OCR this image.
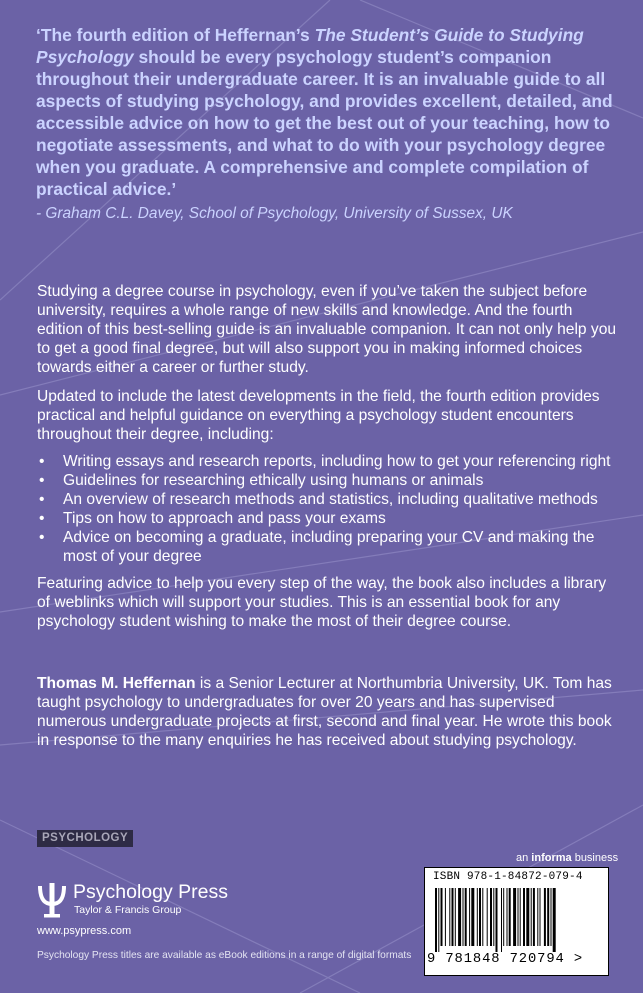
‘The fourth edition of Heffernan’s The Student’s Guide to Studying Psychology should be every psychology student’s companion throughout their undergraduate career. It is an invaluable guide to all aspects of studying psychology, and provides excellent, detailed, and accessible advice on how to get the best out of your teaching, how to negotiate assessments, and what to do with your psychology degree when you graduate. A comprehensive and complete compilation of practical advice.’

- Graham C.L. Davey, School of Psychology, University of Sussex, UK

Studying a degree course in psychology, even if you’ve taken the subject before university, requires a whole range of new skills and knowledge. And the fourth edition of this best-selling guide is an invaluable companion. It can not only help you to get a good final degree, but will also support you in making informed choices towards either a career or further study.

Updated to include the latest developments in the field, the fourth edition provides practical and helpful guidance on everything a psychology student encounters throughout their degree, including:

• Writing essays and research reports, including how to get your referencing right
• Guidelines for researching ethically using humans or animals
• An overview of research methods and statistics, including qualitative methods
• Tips on how to approach and pass your exams
• Advice on becoming a graduate, including preparing your CV and making the most of your degree

Featuring advice to help you every step of the way, the book also includes a library of weblinks which will support your studies. This is an essential book for any psychology student wishing to make the most of their degree course.

Thomas M. Heffernan is a Senior Lecturer at Northumbria University, UK. Tom has taught psychology to undergraduates for over 20 years and has supervised numerous undergraduate projects at first, second and final year. He wrote this book in response to the many enquiries he has received about studying psychology.

PSYCHOLOGY
an informa business
Psychology Press
Taylor & Francis Group
www.psypress.com
Psychology Press titles are available as eBook editions in a range of digital formats
ISBN 978-1-84872-079-4
9 781848 720794 >
